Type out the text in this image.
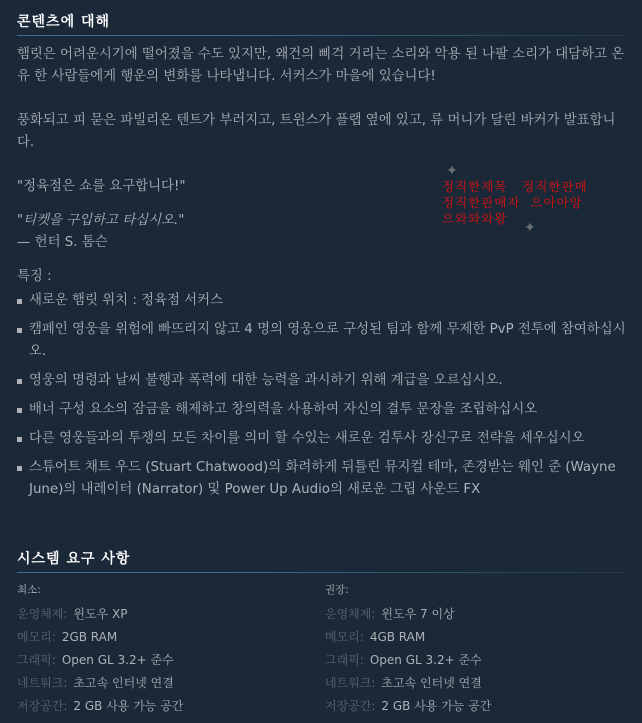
콘텐츠에 대해

햄릿은 어려운시기에 떨어졌을 수도 있지만, 왜건의 삐걱 거리는 소리와 악용 된 나팔 소리가 대담하고 온유 한 사람들에게 행운의 변화를 나타냅니다. 서커스가 마을에 있습니다!

풍화되고 피 묻은 파빌리온 텐트가 부러지고, 트윈스가 플랩 옆에 있고, 류 머니가 달린 바커가 발표합니다.

"정육점은 쇼를 요구합니다!"

"티켓을 구입하고 타십시오."

— 헌터 S. 톰슨

특징 :

새로운 햄릿 위치 : 정육점 서커스
캠페인 영웅을 위험에 빠뜨리지 않고 4 명의 영웅으로 구성된 팀과 함께 무제한 PvP 전투에 참여하십시오.
영웅의 명령과 날씨 불행과 폭력에 대한 능력을 과시하기 위해 계급을 오르십시오.
배너 구성 요소의 잠금을 해제하고 창의력을 사용하여 자신의 결투 문장을 조립하십시오
다른 영웅들과의 투쟁의 모든 차이를 의미 할 수있는 새로운 검투사 장신구로 전략을 세우십시오
스튜어트 채트 우드 (Stuart Chatwood)의 화려하게 뒤틀린 뮤지컬 테마, 존경받는 웨인 준 (Wayne June)의 내레이터 (Narrator) 및 Power Up Audio의 새로운 그립 사운드 FX
✦
✦
정직한제목   정직한판매
정직한판매자  으아아앙
으와와와왕
시스템 요구 사항
최소:
운영체제: 윈도우 XP
메모리: 2GB RAM
그래픽: Open GL 3.2+ 준수
네트워크: 초고속 인터넷 연결
저장공간: 2 GB 사용 가능 공간
권장:
운영체제: 윈도우 7 이상
메모리: 4GB RAM
그래픽: Open GL 3.2+ 준수
네트워크: 초고속 인터넷 연결
저장공간: 2 GB 사용 가능 공간
